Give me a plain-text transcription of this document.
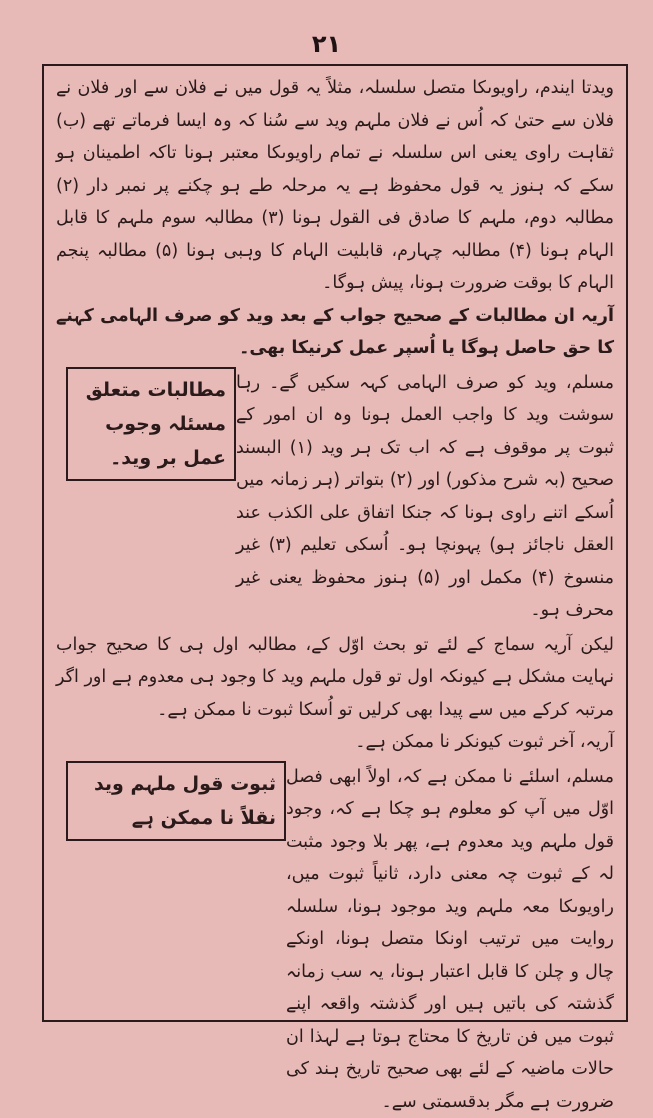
۲۱

ویدتا ایندم، راویوںکا متصل سلسلہ، مثلاً یہ قول میں نے فلان سے اور فلان نے فلان سے حتیٰ کہ اُس نے فلان ملہم وید سے سُنا کہ وہ ایسا فرماتے تھے (ب) ثقاہت راوی یعنی اس سلسلہ نے تمام راویوںکا معتبر ہونا تاکہ اطمینان ہو سکے کہ ہنوز یہ قول محفوظ ہے یہ مرحلہ طے ہو چکنے پر نمبر دار (۲) مطالبہ دوم، ملہم کا صادق فی القول ہونا (۳) مطالبہ سوم ملہم کا قابل الہام ہونا (۴) مطالبہ چہارم، قابلیت الہام کا وہبی ہونا (۵) مطالبہ پنجم الہام کا بوقت ضرورت ہونا، پیش ہوگا۔

آریہ ان مطالبات کے صحیح جواب کے بعد وید کو صرف الہامی کہنے کا حق حاصل ہوگا یا اُسپر عمل کرنیکا بھی۔

مطالبات متعلق مسئلہ وجوب عمل بر وید۔

مسلم، وید کو صرف الہامی کہہ سکیں گے۔ رہا سوشت وید کا واجب العمل ہونا وہ ان امور کے ثبوت پر موقوف ہے کہ اب تک ہر وید (۱) البسند صحیح (بہ شرح مذکور) اور (۲) بتواتر (ہر زمانہ میں اُسکے اتنے راوی ہونا کہ جنکا اتفاق علی الکذب عند العقل ناجائز ہو) پہونچا ہو۔ اُسکی تعلیم (۳) غیر منسوخ (۴) مکمل اور (۵) ہنوز محفوظ یعنی غیر محرف ہو۔

لیکن آریہ سماج کے لئے تو بحث اوّل کے، مطالبہ اول ہی کا صحیح جواب نہایت مشکل ہے کیونکہ اول تو قول ملہم وید کا وجود ہی معدوم ہے اور اگر مرتبہ کرکے میں سے پیدا بھی کرلیں تو اُسکا ثبوت نا ممکن ہے۔

آریہ، آخر ثبوت کیونکر نا ممکن ہے۔

ثبوت قول ملہم وید نقلاً نا ممکن ہے

مسلم، اسلئے نا ممکن ہے کہ، اولاً ابھی فصل اوّل میں آپ کو معلوم ہو چکا ہے کہ، وجود قول ملہم وید معدوم ہے، پھر بلا وجود مثبت لہ کے ثبوت چہ معنی دارد، ثانیاً ثبوت میں، راویوںکا معہ ملہم وید موجود ہونا، سلسلہ روایت میں ترتیب اونکا متصل ہونا، اونکے چال و چلن کا قابل اعتبار ہونا، یہ سب زمانہ گذشتہ کی باتیں ہیں اور گذشتہ واقعہ اپنے ثبوت میں فن تاریخ کا محتاج ہوتا ہے لہذا ان حالات ماضیہ کے لئے بھی صحیح تاریخ ہند کی ضرورت ہے مگر بدقسمتی سے۔
